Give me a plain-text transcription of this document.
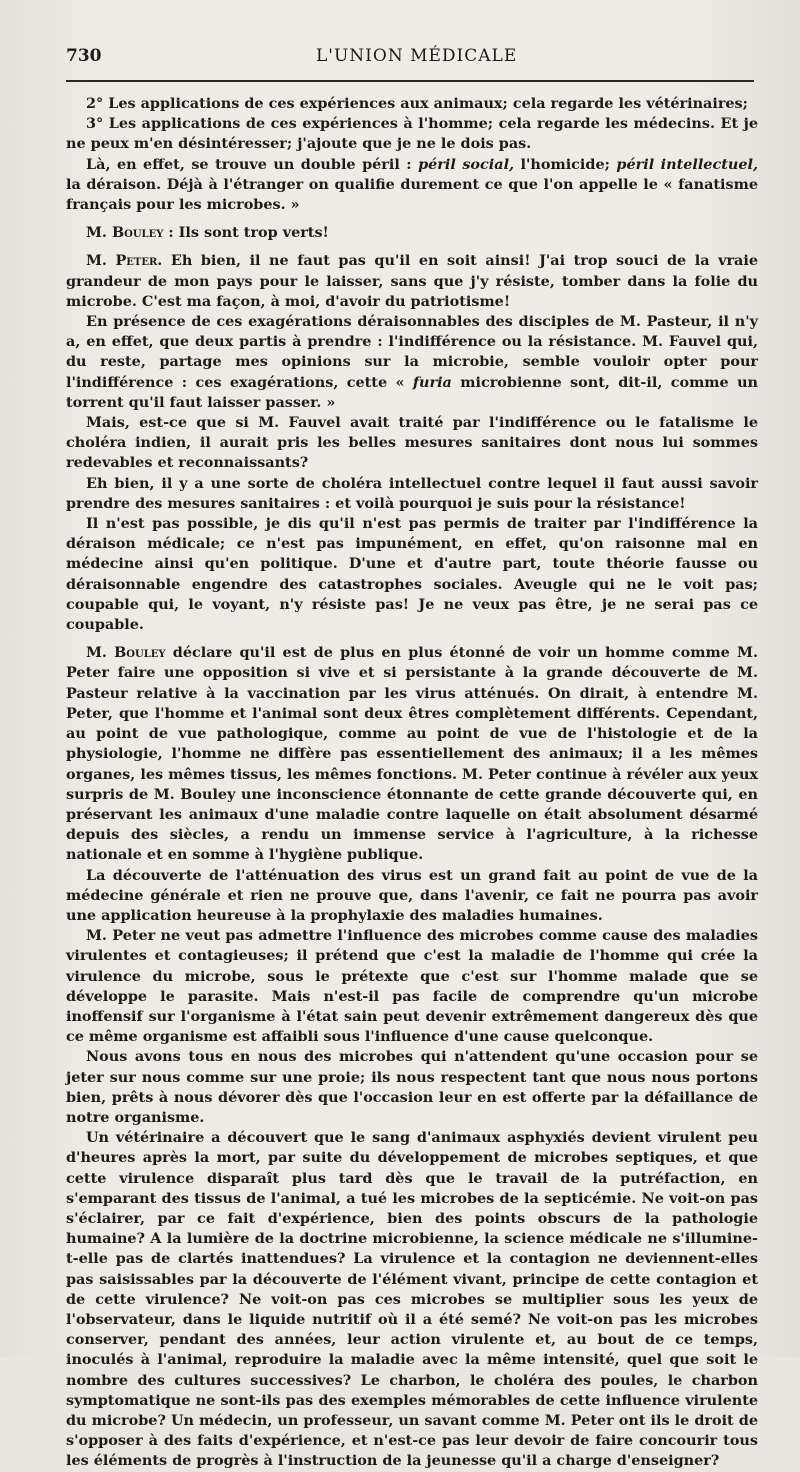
730	L'UNION MÉDICALE

2° Les applications de ces expériences aux animaux; cela regarde les vétérinaires;

3° Les applications de ces expériences à l'homme; cela regarde les médecins. Et je ne peux m'en désintéresser; j'ajoute que je ne le dois pas.

Là, en effet, se trouve un double péril : péril social, l'homicide; péril intellectuel, la déraison. Déjà à l'étranger on qualifie durement ce que l'on appelle le « fanatisme français pour les microbes. »

M. Bouley : Ils sont trop verts!

M. Peter. Eh bien, il ne faut pas qu'il en soit ainsi! J'ai trop souci de la vraie grandeur de mon pays pour le laisser, sans que j'y résiste, tomber dans la folie du microbe. C'est ma façon, à moi, d'avoir du patriotisme!

En présence de ces exagérations déraisonnables des disciples de M. Pasteur, il n'y a, en effet, que deux partis à prendre : l'indifférence ou la résistance. M. Fauvel qui, du reste, partage mes opinions sur la microbie, semble vouloir opter pour l'indifférence : ces exagérations, cette « furia microbienne sont, dit-il, comme un torrent qu'il faut laisser passer. »

Mais, est-ce que si M. Fauvel avait traité par l'indifférence ou le fatalisme le choléra indien, il aurait pris les belles mesures sanitaires dont nous lui sommes redevables et reconnaissants?

Eh bien, il y a une sorte de choléra intellectuel contre lequel il faut aussi savoir prendre des mesures sanitaires : et voilà pourquoi je suis pour la résistance!

Il n'est pas possible, je dis qu'il n'est pas permis de traiter par l'indifférence la déraison médicale; ce n'est pas impunément, en effet, qu'on raisonne mal en médecine ainsi qu'en politique. D'une et d'autre part, toute théorie fausse ou déraisonnable engendre des catastrophes sociales. Aveugle qui ne le voit pas; coupable qui, le voyant, n'y résiste pas! Je ne veux pas être, je ne serai pas ce coupable.

M. Bouley déclare qu'il est de plus en plus étonné de voir un homme comme M. Peter faire une opposition si vive et si persistante à la grande découverte de M. Pasteur relative à la vaccination par les virus atténués. On dirait, à entendre M. Peter, que l'homme et l'animal sont deux êtres complètement différents. Cependant, au point de vue pathologique, comme au point de vue de l'histologie et de la physiologie, l'homme ne diffère pas essentiellement des animaux; il a les mêmes organes, les mêmes tissus, les mêmes fonctions. M. Peter continue à révéler aux yeux surpris de M. Bouley une inconscience étonnante de cette grande découverte qui, en préservant les animaux d'une maladie contre laquelle on était absolument désarmé depuis des siècles, a rendu un immense service à l'agriculture, à la richesse nationale et en somme à l'hygiène publique.

La découverte de l'atténuation des virus est un grand fait au point de vue de la médecine générale et rien ne prouve que, dans l'avenir, ce fait ne pourra pas avoir une application heureuse à la prophylaxie des maladies humaines.

M. Peter ne veut pas admettre l'influence des microbes comme cause des maladies virulentes et contagieuses; il prétend que c'est la maladie de l'homme qui crée la virulence du microbe, sous le prétexte que c'est sur l'homme malade que se développe le parasite. Mais n'est-il pas facile de comprendre qu'un microbe inoffensif sur l'organisme à l'état sain peut devenir extrêmement dangereux dès que ce même organisme est affaibli sous l'influence d'une cause quelconque.

Nous avons tous en nous des microbes qui n'attendent qu'une occasion pour se jeter sur nous comme sur une proie; ils nous respectent tant que nous nous portons bien, prêts à nous dévorer dès que l'occasion leur en est offerte par la défaillance de notre organisme.

Un vétérinaire a découvert que le sang d'animaux asphyxiés devient virulent peu d'heures après la mort, par suite du développement de microbes septiques, et que cette virulence disparaît plus tard dès que le travail de la putréfaction, en s'emparant des tissus de l'animal, a tué les microbes de la septicémie. Ne voit-on pas s'éclairer, par ce fait d'expérience, bien des points obscurs de la pathologie humaine? A la lumière de la doctrine microbienne, la science médicale ne s'illumine-t-elle pas de clartés inattendues? La virulence et la contagion ne deviennent-elles pas saisissables par la découverte de l'élément vivant, principe de cette contagion et de cette virulence? Ne voit-on pas ces microbes se multiplier sous les yeux de l'observateur, dans le liquide nutritif où il a été semé? Ne voit-on pas les microbes conserver, pendant des années, leur action virulente et, au bout de ce temps, inoculés à l'animal, reproduire la maladie avec la même intensité, quel que soit le nombre des cultures successives? Le charbon, le choléra des poules, le charbon symptomatique ne sont-ils pas des exemples mémorables de cette influence virulente du microbe? Un médecin, un professeur, un savant comme M. Peter ont ils le droit de s'opposer à des faits d'expérience, et n'est-ce pas leur devoir de faire concourir tous les éléments de progrès à l'instruction de la jeunesse qu'il a charge d'enseigner?
